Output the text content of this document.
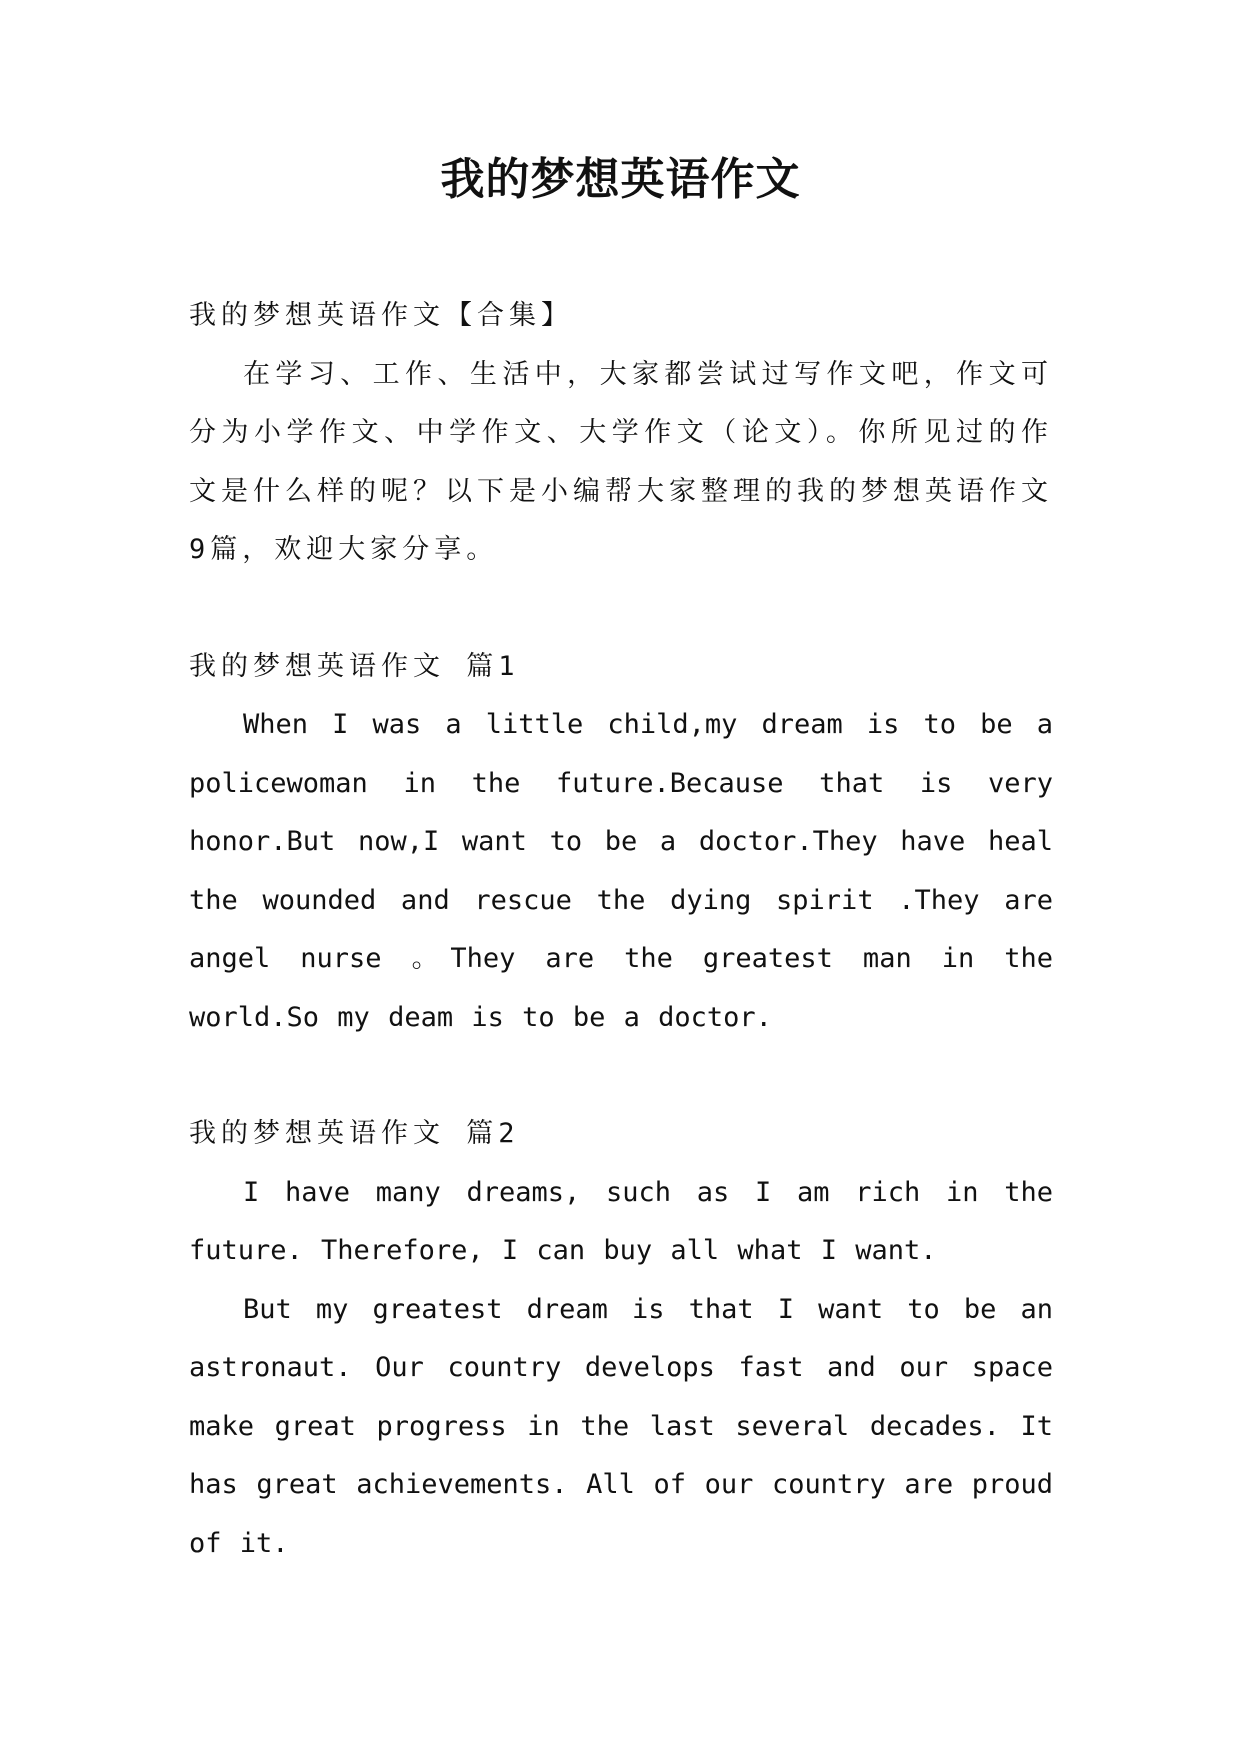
我的梦想英语作文

我的梦想英语作文【合集】

在学习、工作、生活中，大家都尝试过写作文吧，作文可分为小学作文、中学作文、大学作文（论文）。你所见过的作文是什么样的呢？以下是小编帮大家整理的我的梦想英语作文9篇，欢迎大家分享。

我的梦想英语作文 篇1

When I was a little child,my dream is to be a policewoman in the future.Because that is very honor.But now,I want to be a doctor.They have heal the wounded and rescue the dying spirit .They are angel nurse 。They are the greatest man in the world.So my deam is to be a doctor.

我的梦想英语作文 篇2

I have many dreams, such as I am rich in the future. Therefore, I can buy all what I want.

But my greatest dream is that I want to be an astronaut. Our country develops fast and our space make great progress in the last several decades. It has great achievements. All of our country are proud of it.
